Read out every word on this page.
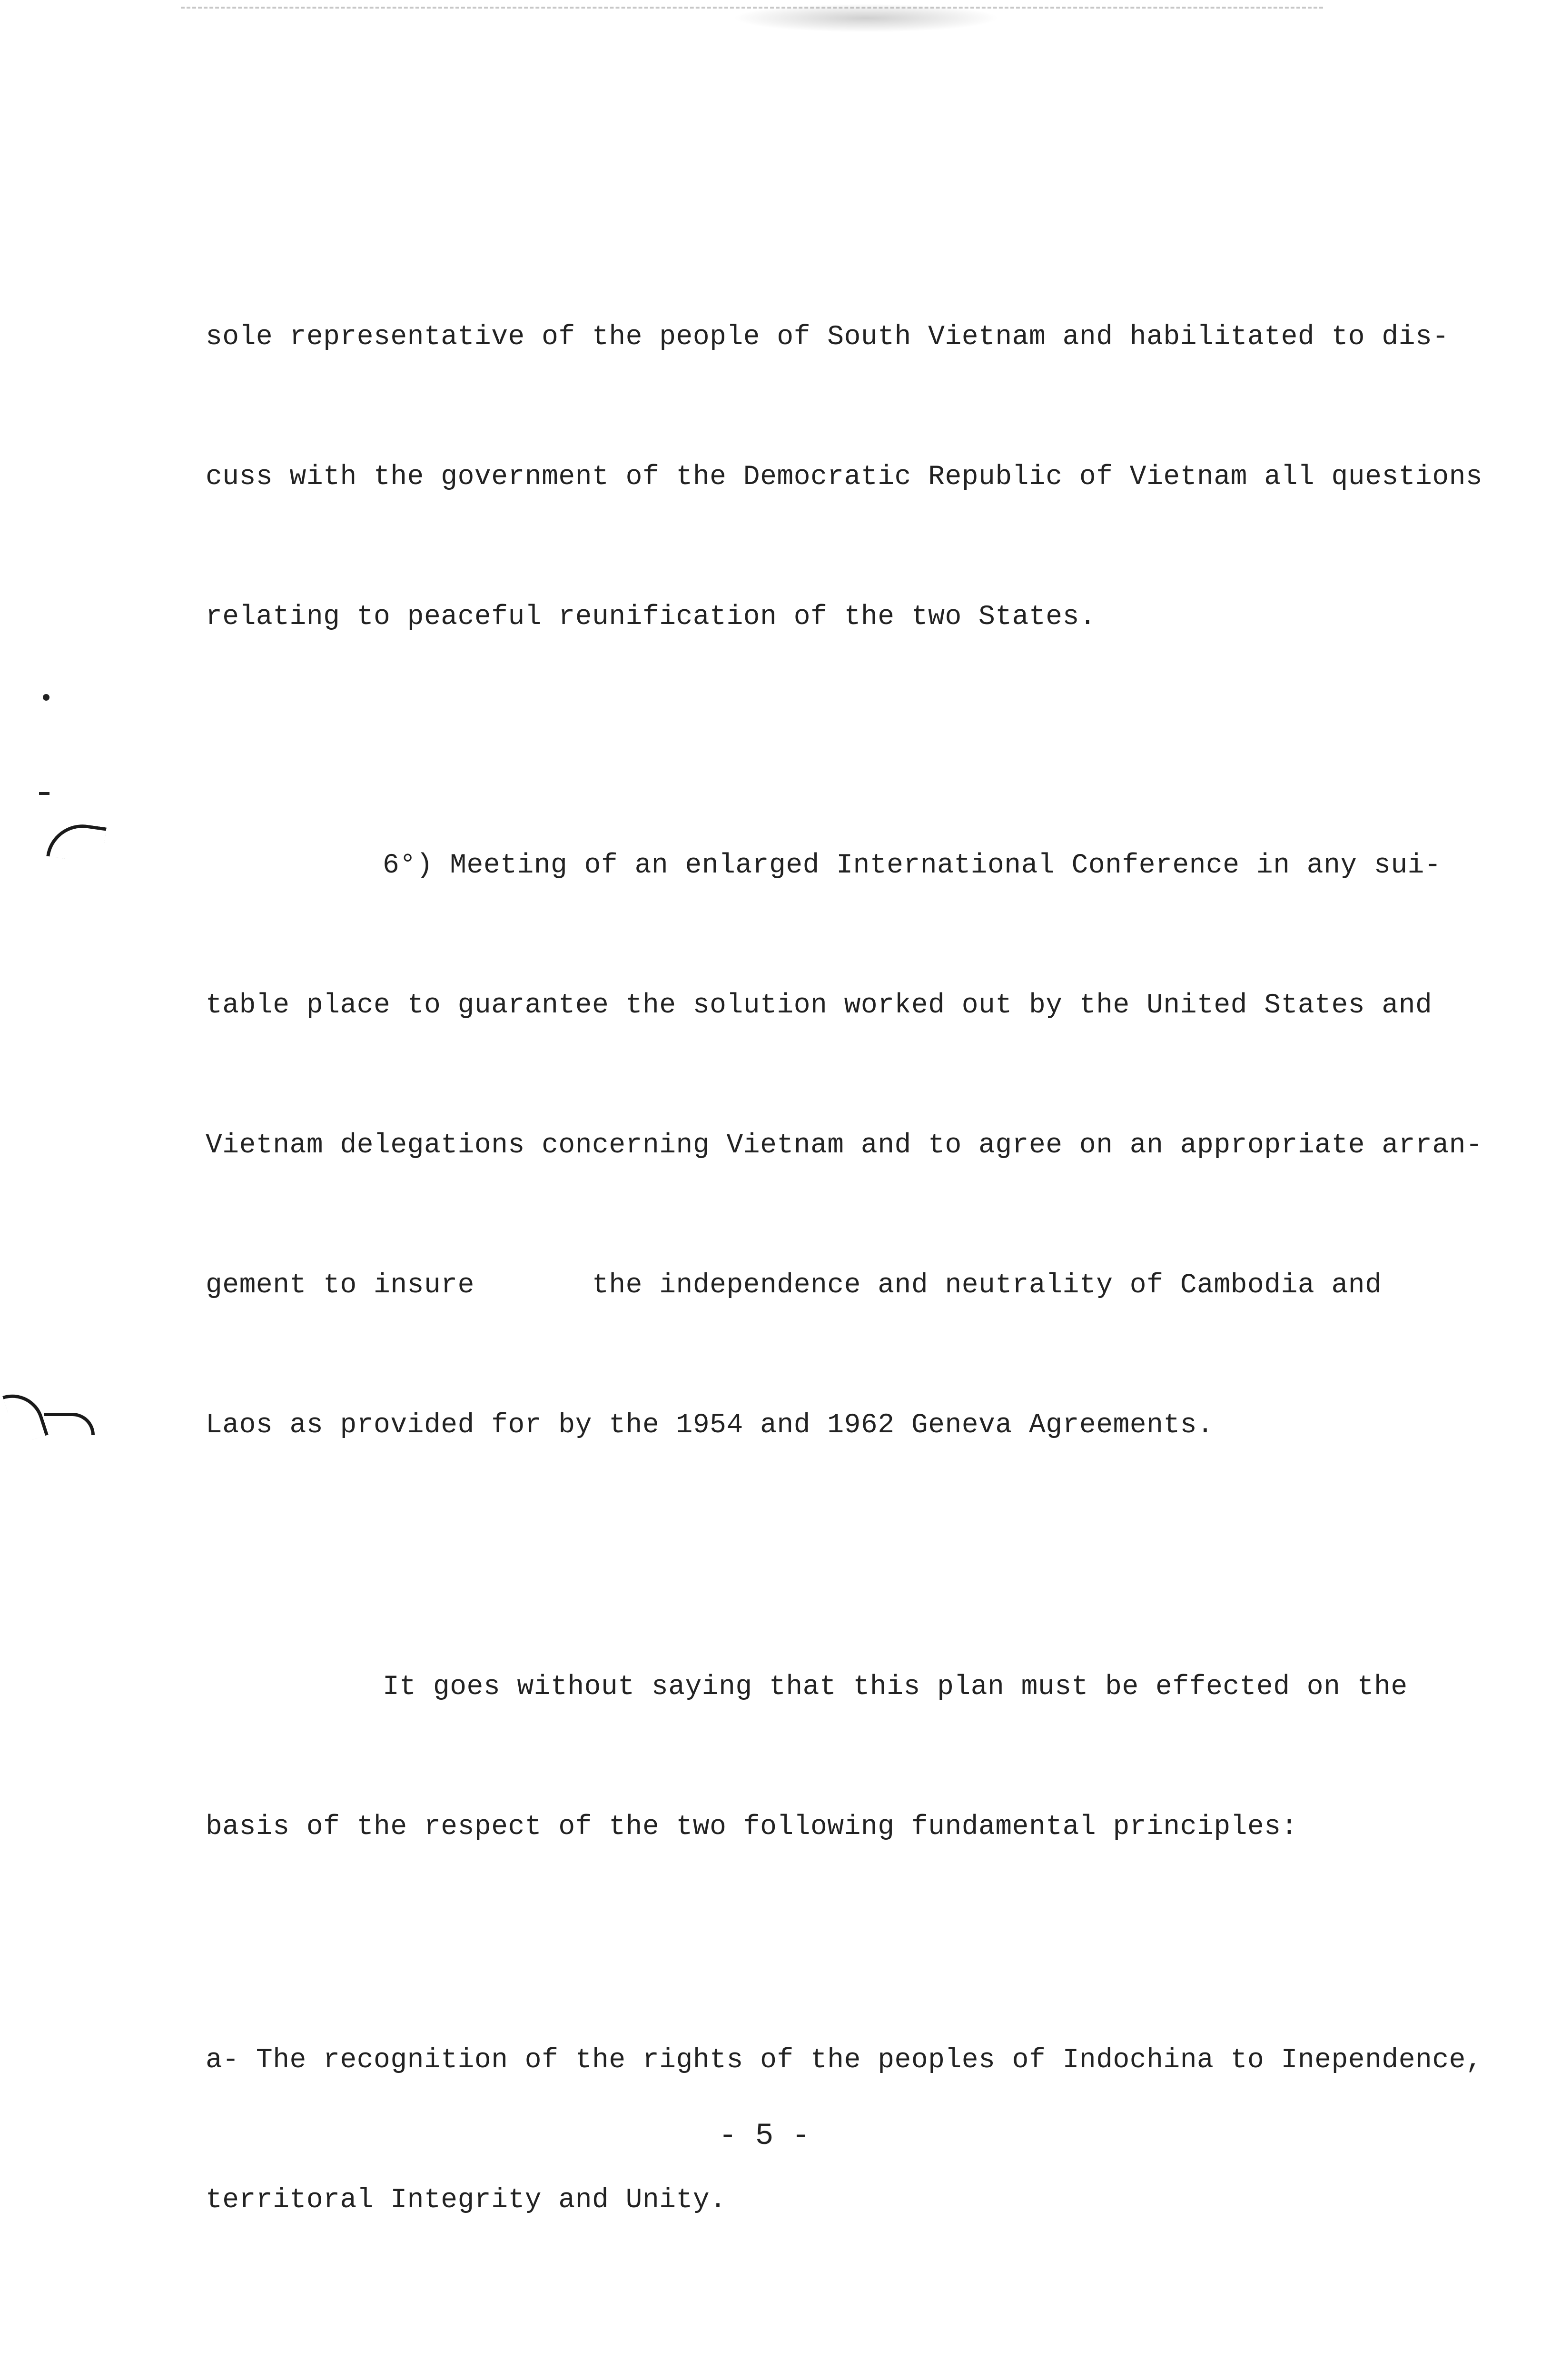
sole representative of the people of South Vietnam and habilitated to dis-

cuss with the government of the Democratic Republic of Vietnam all questions

relating to peaceful reunification of the two States.

6°) Meeting of an enlarged International Conference in any sui-

table place to guarantee the solution worked out by the United States and

Vietnam delegations concerning Vietnam and to agree on an appropriate arran-

gement to insure       the independence and neutrality of Cambodia and

Laos as provided for by the 1954 and 1962 Geneva Agreements.

It goes without saying that this plan must be effected on the

basis of the respect of the two following fundamental principles:

a- The recognition of the rights of the peoples of Indochina to Inependence,

territoral Integrity and Unity.

- 5 -
